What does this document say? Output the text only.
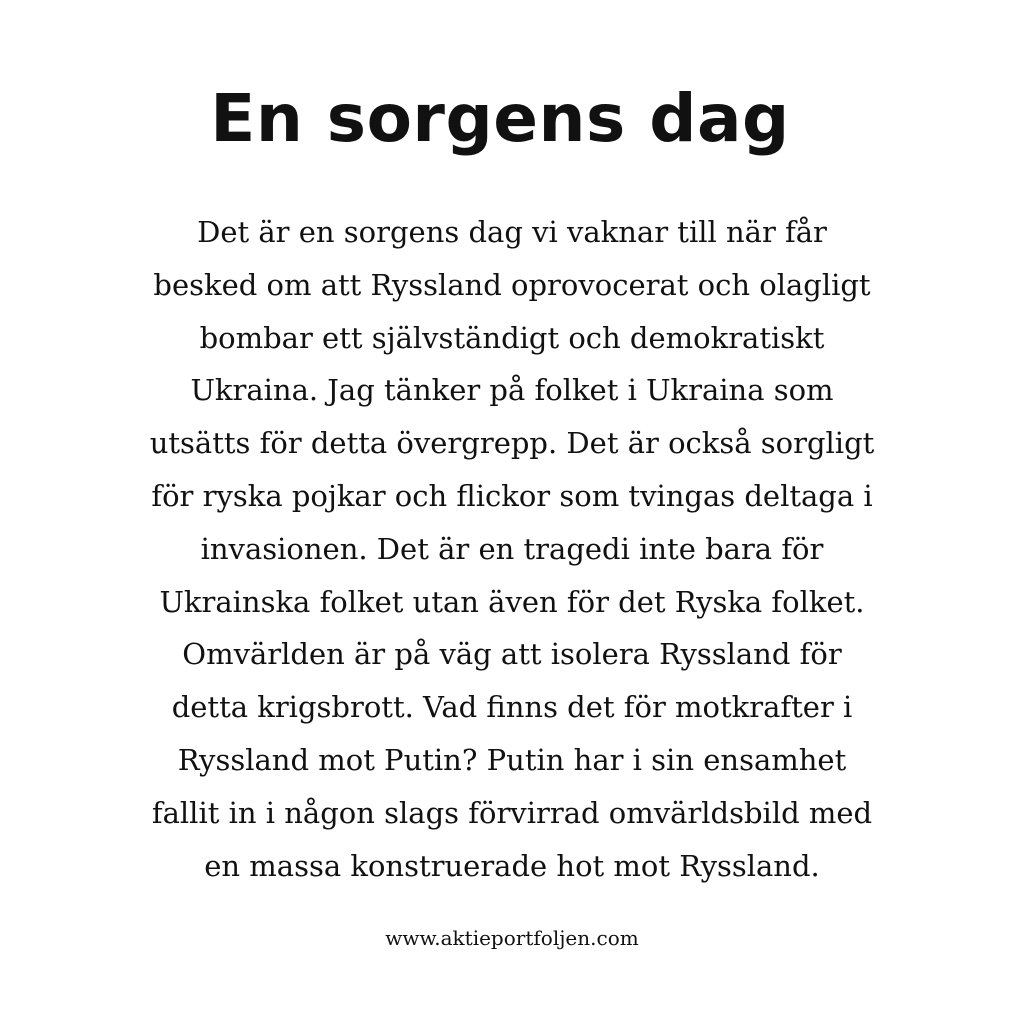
En sorgens dag
Det är en sorgens dag vi vaknar till när får
besked om att Ryssland oprovocerat och olagligt
bombar ett självständigt och demokratiskt
Ukraina. Jag tänker på folket i Ukraina som
utsätts för detta övergrepp. Det är också sorgligt
för ryska pojkar och flickor som tvingas deltaga i
invasionen. Det är en tragedi inte bara för
Ukrainska folket utan även för det Ryska folket.
Omvärlden är på väg att isolera Ryssland för
detta krigsbrott. Vad finns det för motkrafter i
Ryssland mot Putin? Putin har i sin ensamhet
fallit in i någon slags förvirrad omvärldsbild med
en massa konstruerade hot mot Ryssland.
www.aktieportfoljen.com
